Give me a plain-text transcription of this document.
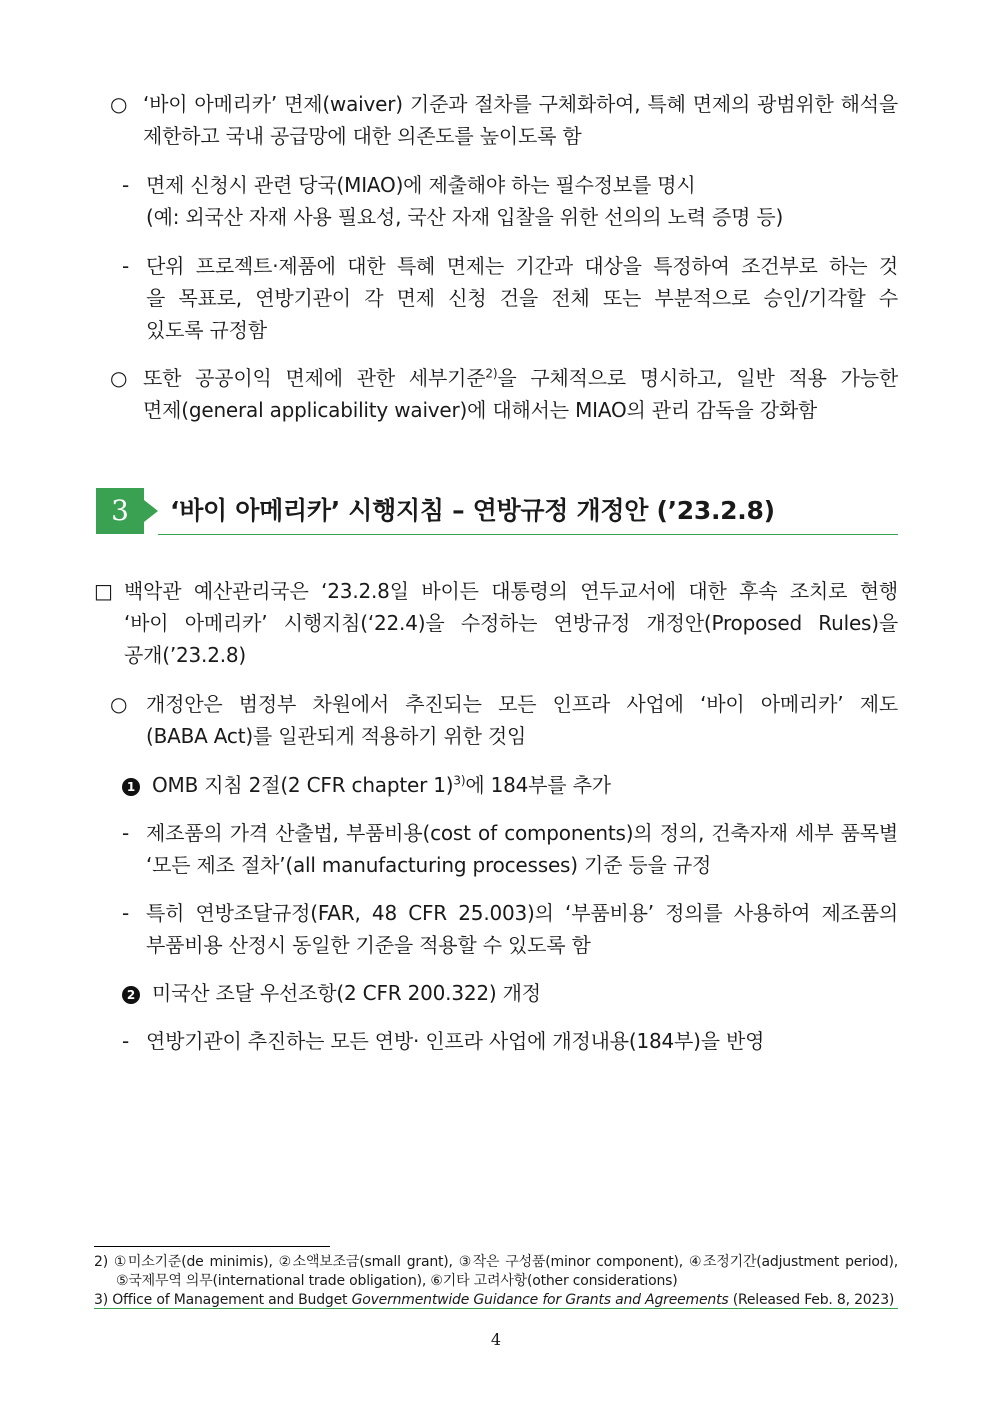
○ ‘바이 아메리카’ 면제(waiver) 기준과 절차를 구체화하여, 특혜 면제의 광범위한 해석을
제한하고 국내 공급망에 대한 의존도를 높이도록 함
- 면제 신청시 관련 당국(MIAO)에 제출해야 하는 필수정보를 명시
(예: 외국산 자재 사용 필요성, 국산 자재 입찰을 위한 선의의 노력 증명 등)
- 단위 프로젝트·제품에 대한 특혜 면제는 기간과 대상을 특정하여 조건부로 하는 것
을 목표로, 연방기관이 각 면제 신청 건을 전체 또는 부분적으로 승인/기각할 수
있도록 규정함
○ 또한 공공이익 면제에 관한 세부기준$^{2)}$을 구체적으로 명시하고, 일반 적용 가능한
면제(general applicability waiver)에 대해서는 MIAO의 관리 감독을 강화함
3	‘바이 아메리카’ 시행지침 – 연방규정 개정안 (’23.2.8)
□ 백악관 예산관리국은 ‘23.2.8일 바이든 대통령의 연두교서에 대한 후속 조치로 현행
‘바이 아메리카’ 시행지침(‘22.4)을 수정하는 연방규정 개정안(Proposed Rules)을
공개(’23.2.8)
○ 개정안은 범정부 차원에서 추진되는 모든 인프라 사업에 ‘바이 아메리카’ 제도
(BABA Act)를 일관되게 적용하기 위한 것임
1 OMB 지침 2절(2 CFR chapter 1)$^{3)}$에 184부를 추가
- 제조품의 가격 산출법, 부품비용(cost of components)의 정의, 건축자재 세부 품목별
‘모든 제조 절차’(all manufacturing processes) 기준 등을 규정
- 특히 연방조달규정(FAR, 48 CFR 25.003)의 ‘부품비용’ 정의를 사용하여 제조품의
부품비용 산정시 동일한 기준을 적용할 수 있도록 함
2 미국산 조달 우선조항(2 CFR 200.322) 개정
- 연방기관이 추진하는 모든 연방· 인프라 사업에 개정내용(184부)을 반영
2) ①미소기준(de minimis), ②소액보조금(small grant), ③작은 구성품(minor component), ④조정기간(adjustment period),
⑤국제무역 의무(international trade obligation), ⑥기타 고려사항(other considerations)
3) Office of Management and Budget Governmentwide Guidance for Grants and Agreements (Released Feb. 8, 2023)
4
